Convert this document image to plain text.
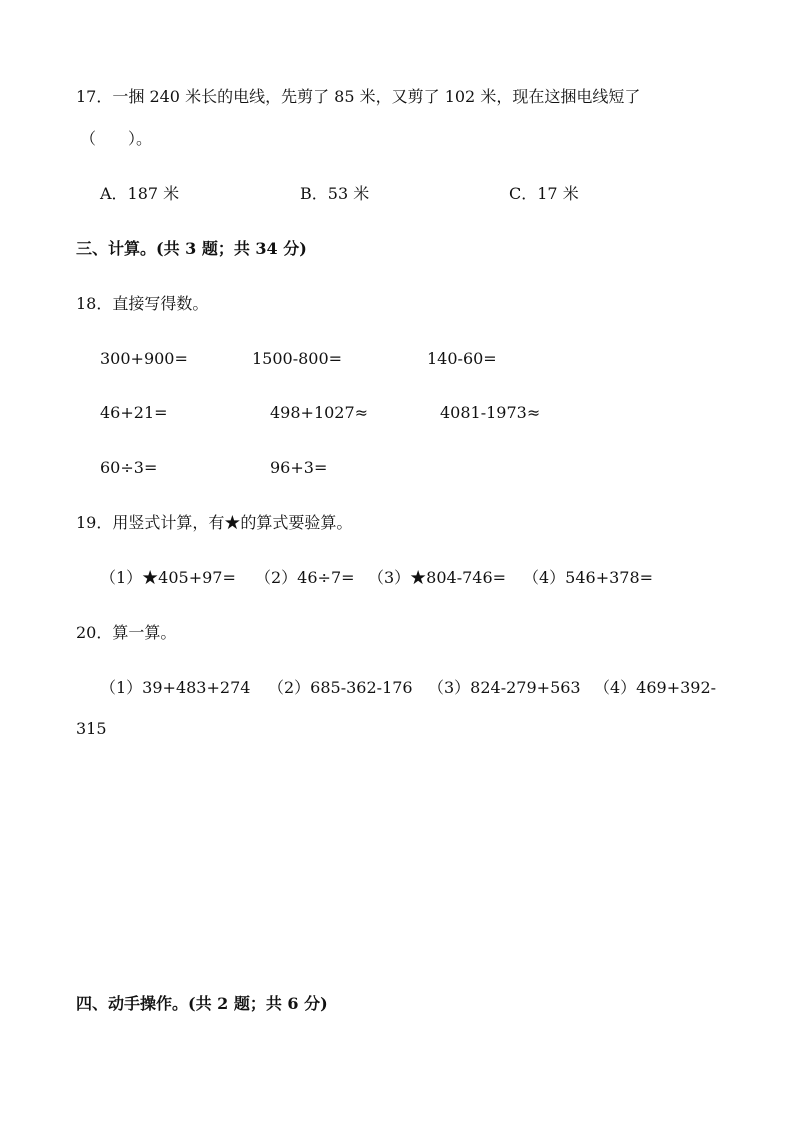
17．一捆 240 米长的电线，先剪了 85 米，又剪了 102 米，现在这捆电线短了
（　　）。
A．187 米	B．53 米	C．17 米
三、计算。(共 3 题；共 34 分)
18．直接写得数。
300+900=	1500-800=	140-60=
46+21=	498+1027≈	4081-1973≈
60÷3=	96+3=
19．用竖式计算，有★的算式要验算。
（1）★405+97= （2）46÷7= （3）★804-746= （4）546+378=
20．算一算。
（1）39+483+274 （2）685-362-176 （3）824-279+563 （4）469+392-
315
四、动手操作。(共 2 题；共 6 分)
